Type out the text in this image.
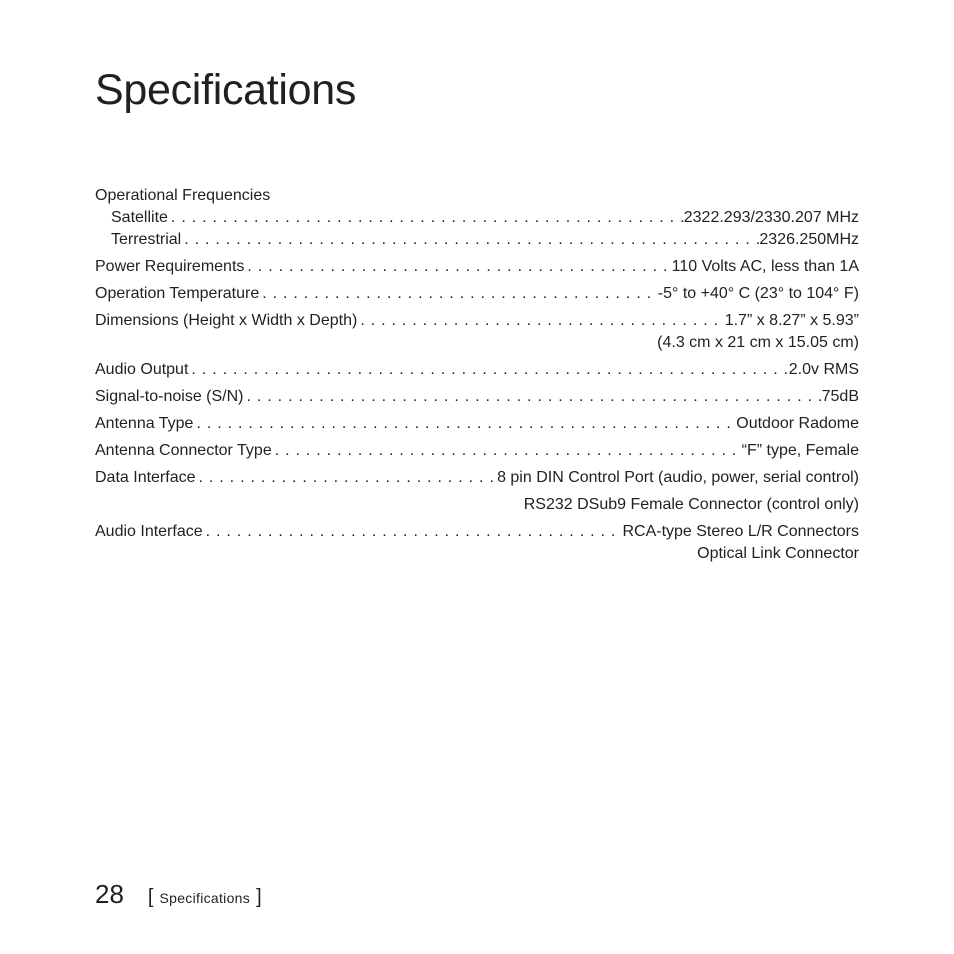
Specifications
Operational Frequencies
Satellite . . .	2322.293/2330.207 MHz
Terrestrial . . .	2326.250MHz
Power Requirements . . .	110 Volts AC, less than 1A
Operation Temperature . . .	-5° to +40° C (23° to 104° F)
Dimensions (Height x Width x Depth) . . .	1.7” x 8.27” x 5.93”
(4.3 cm x 21 cm x 15.05 cm)
Audio Output . . .	2.0v RMS
Signal-to-noise (S/N) . . .	75dB
Antenna Type . . .	Outdoor Radome
Antenna Connector Type . . .	“F” type, Female
Data Interface . . .	8 pin DIN Control Port (audio, power, serial control)
RS232 DSub9 Female Connector (control only)
Audio Interface . . .	RCA-type Stereo L/R Connectors
Optical Link Connector
28 [ Specifications ]
